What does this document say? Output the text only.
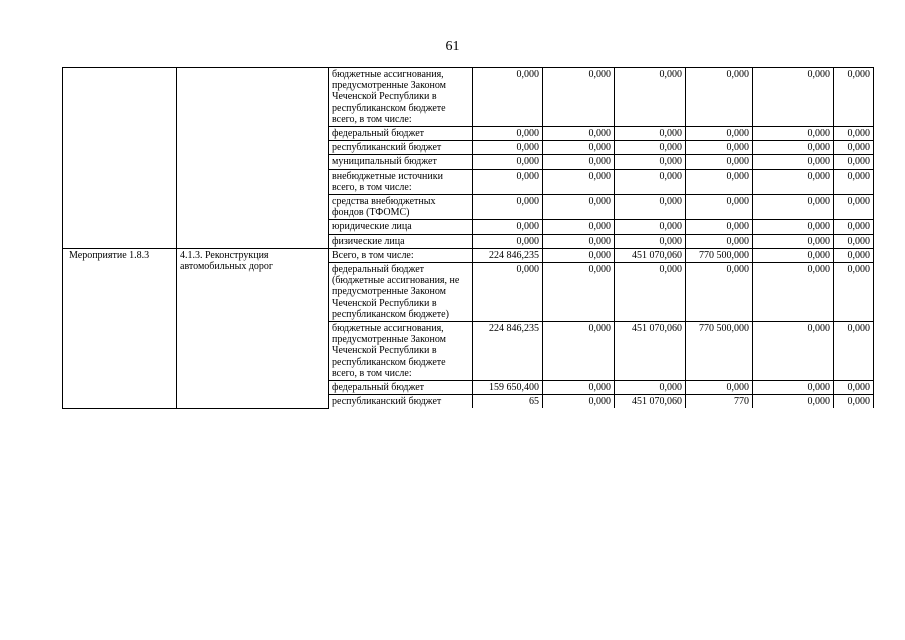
61
		бюджетные ассигнования, предусмотренные Законом Чеченской Республики в республиканском бюджете всего, в том числе:	0,000	0,000	0,000	0,000	0,000	0,000
		федеральный бюджет	0,000	0,000	0,000	0,000	0,000	0,000
		республиканский бюджет	0,000	0,000	0,000	0,000	0,000	0,000
		муниципальный бюджет	0,000	0,000	0,000	0,000	0,000	0,000
		внебюджетные источники всего, в том числе:	0,000	0,000	0,000	0,000	0,000	0,000
		средства внебюджетных фондов (ТФОМС)	0,000	0,000	0,000	0,000	0,000	0,000
		юридические лица	0,000	0,000	0,000	0,000	0,000	0,000
		физические лица	0,000	0,000	0,000	0,000	0,000	0,000
Мероприятие 1.8.3	4.1.3. Реконструкция автомобильных дорог	Всего, в том числе:	224 846,235	0,000	451 070,060	770 500,000	0,000	0,000
		федеральный бюджет (бюджетные ассигнования, не предусмотренные Законом Чеченской Республики в республиканском бюджете)	0,000	0,000	0,000	0,000	0,000	0,000
		бюджетные ассигнования, предусмотренные Законом Чеченской Республики в республиканском бюджете всего, в том числе:	224 846,235	0,000	451 070,060	770 500,000	0,000	0,000
		федеральный бюджет	159 650,400	0,000	0,000	0,000	0,000	0,000
		республиканский бюджет	65	0,000	451 070,060	770	0,000	0,000
